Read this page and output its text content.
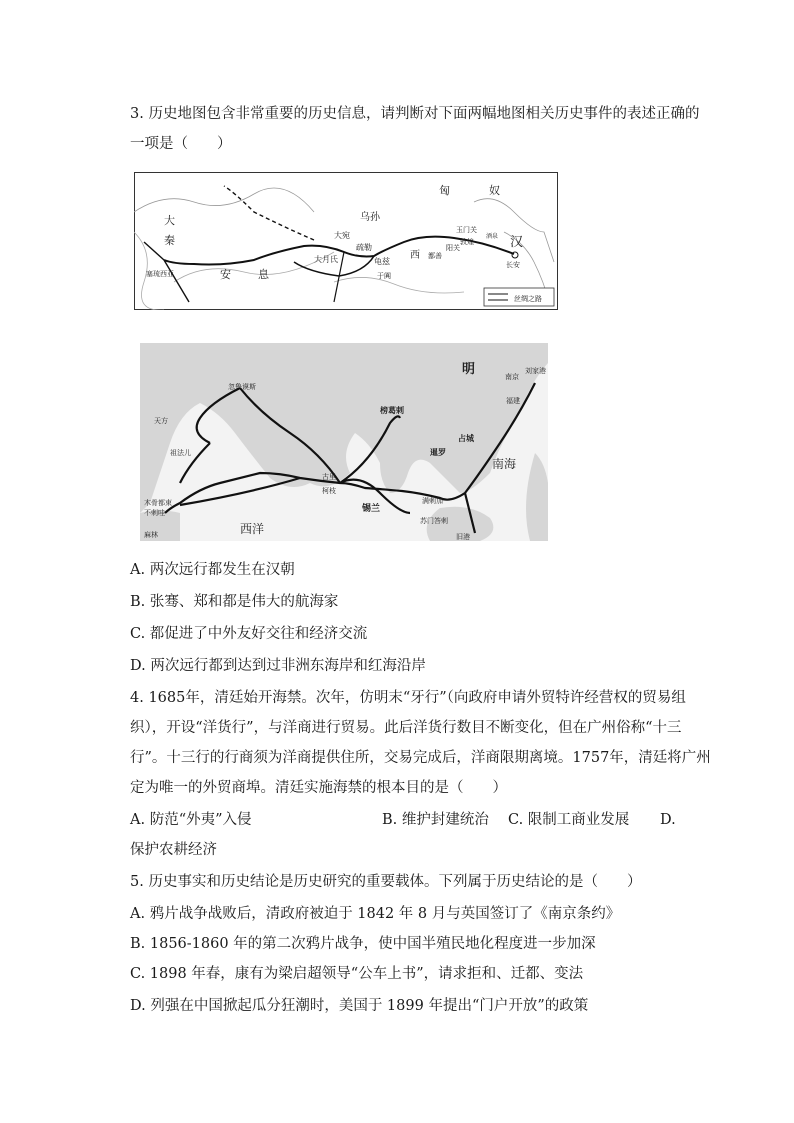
3. 历史地图包含非常重要的历史信息，请判断对下面两幅地图相关历史事件的表述正确的
一项是（　　）
匈	奴
乌孙
大宛
疏勒
龟兹
西 鄯善
阳关
玉门关
敦煌
酒泉 汉
长安
于阗
大月氏
大
秦
塞琉西亚	安 息
丝绸之路
明	南京
刘家港
福建
南海
西洋
锡兰
古里
柯枝
忽鲁谟斯
榜葛剌
占城
暹罗
满剌加
苏门答剌
旧港
木骨都束
不剌哇
麻林
天方
祖法儿
A. 两次远行都发生在汉朝
B. 张骞、郑和都是伟大的航海家
C. 都促进了中外友好交往和经济交流
D. 两次远行都到达到过非洲东海岸和红海沿岸
4. 1685年，清廷始开海禁。次年，仿明末“牙行”（向政府申请外贸特许经营权的贸易组
织），开设“洋货行”，与洋商进行贸易。此后洋货行数目不断变化，但在广州俗称“十三
行”。十三行的行商须为洋商提供住所，交易完成后，洋商限期离境。1757年，清廷将广州
定为唯一的外贸商埠。清廷实施海禁的根本目的是（　　）
A. 防范“外夷”入侵	B. 维护封建统治 C. 限制工商业发展 D.
保护农耕经济
5. 历史事实和历史结论是历史研究的重要载体。下列属于历史结论的是（　　）
A. 鸦片战争战败后，清政府被迫于 1842 年 8 月与英国签订了《南京条约》
B. 1856-1860 年的第二次鸦片战争，使中国半殖民地化程度进一步加深
C. 1898 年春，康有为梁启超领导“公车上书”，请求拒和、迁都、变法
D. 列强在中国掀起瓜分狂潮时，美国于 1899 年提出“门户开放”的政策
